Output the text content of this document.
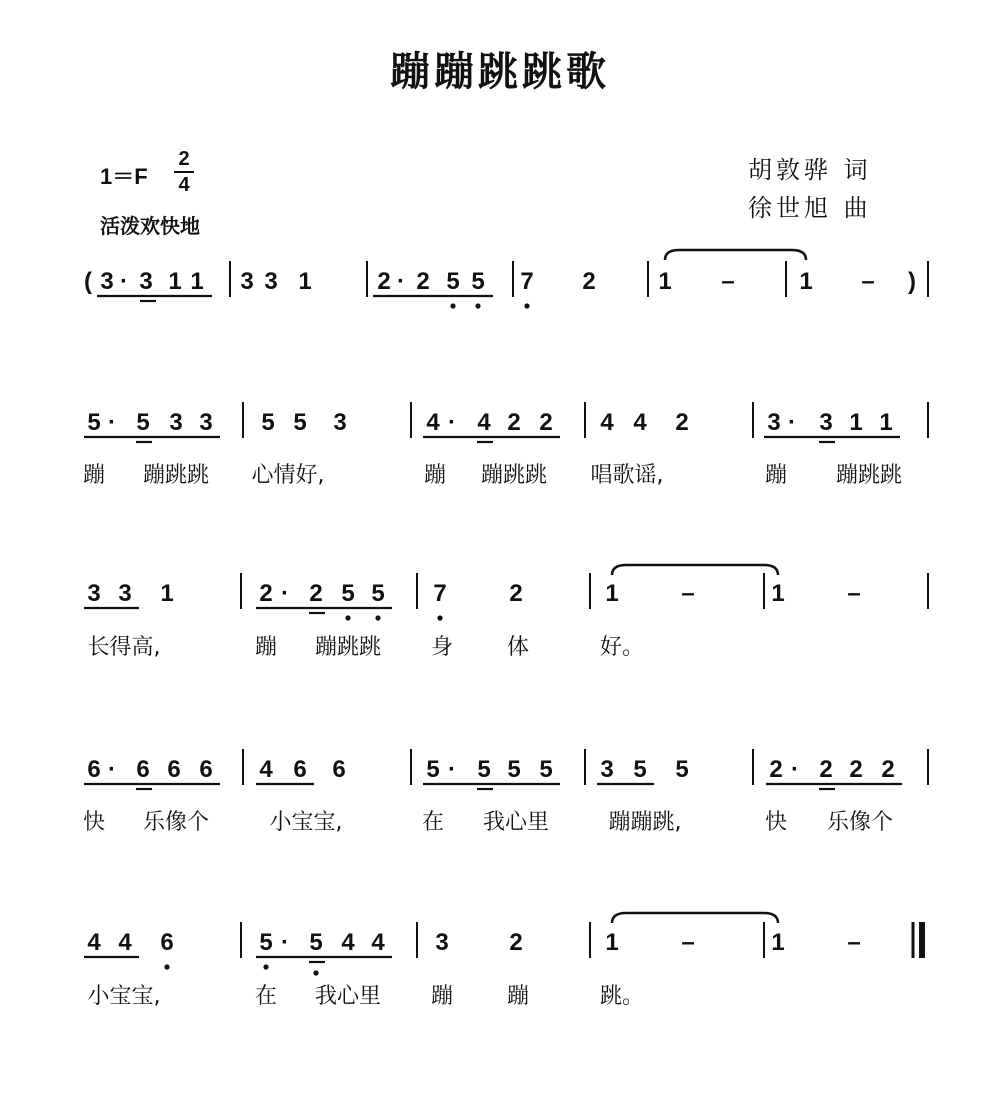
蹦蹦跳跳歌
1＝F
2
4
活泼欢快地
胡敦骅 词
徐世旭 曲
( 3 · 3 1 1 3 3 1	2 · 2 5 5 7 2	1 –	1 – )
5 · 5 3 3 5 5 3	4 · 4 2 2 4 4 2	3 · 3 1 1
蹦 蹦跳跳 心情好,	蹦 蹦跳跳 唱歌谣,	蹦 蹦跳跳
3 3 1	2 · 2 5 5 7	2	1	–	1	–
长得高,	蹦 蹦跳跳 身 体	好。
6 · 6 6 6 4 6 6	5 · 5 5 5 3 5 5	2 · 2 2 2
快 乐像个	小宝宝,	在 我心里	蹦蹦跳,	快 乐像个
4 4 6	5 · 5 4 4 3	2	1	–	1	–
小宝宝,	在 我心里 蹦 蹦	跳。
